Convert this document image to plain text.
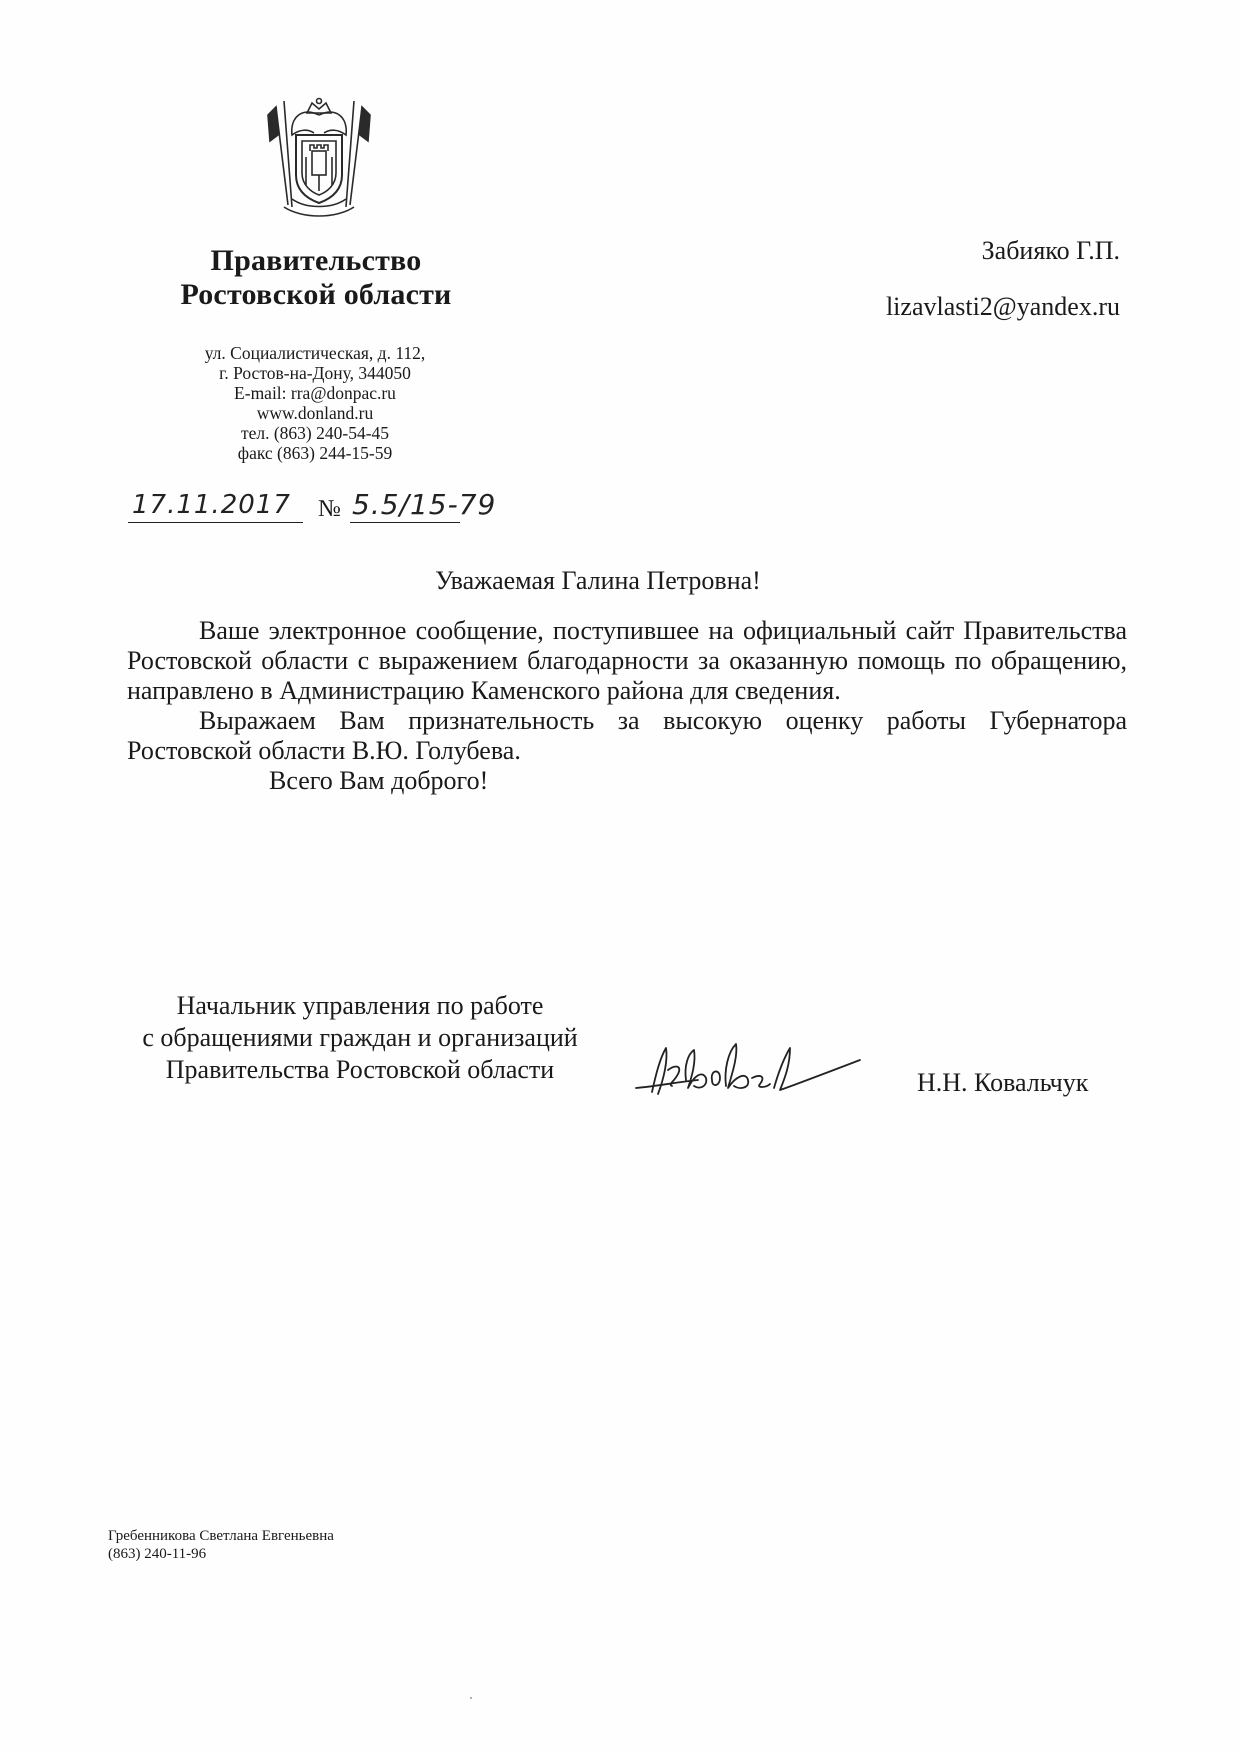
Правительство
Ростовской области
ул. Социалистическая, д. 112,
г. Ростов-на-Дону, 344050
E-mail: rra@donpac.ru
www.donland.ru
тел. (863) 240-54-45
факс (863) 244-15-59
17.11.2017	№ 5.5/15-79
Забияко Г.П.
lizavlasti2@yandex.ru
Уважаемая Галина Петровна!

Ваше электронное сообщение, поступившее на официальный сайт Правительства Ростовской области с выражением благодарности за оказанную помощь по обращению, направлено в Администрацию Каменского района для сведения.

Выражаем Вам признательность за высокую оценку работы Губернатора Ростовской области В.Ю. Голубева.

Всего Вам доброго!

Начальник управления по работе
с обращениями граждан и организаций
Правительства Ростовской области	Н.Н. Ковальчук
Гребенникова Светлана Евгеньевна
(863) 240-11-96
